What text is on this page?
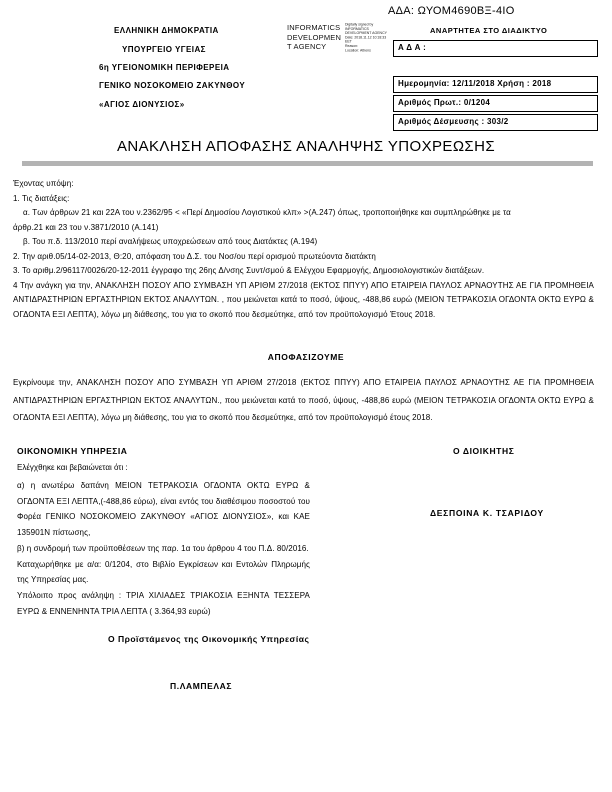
ΑΔΑ: ΩΥΟΜ4690ΒΞ-4ΙΟ
ΕΛΛΗΝΙΚΗ ΔΗΜΟΚΡΑΤΙΑ
ΥΠΟΥΡΓΕΙΟ ΥΓΕΙΑΣ
6η ΥΓΕΙΟΝΟΜΙΚΗ ΠΕΡΙΦΕΡΕΙΑ
ΓΕΝΙΚΟ ΝΟΣΟΚΟΜΕΙΟ ΖΑΚΥΝΘΟΥ
«ΑΓΙΟΣ ΔΙΟΝΥΣΙΟΣ»
INFORMATICS
DEVELOPMEN
T AGENCY
Digitally signed by
INFORMATICS
DEVELOPMENT AGENCY
Date: 2018.11.12 10:18:33
EET
Reason:
Location: Athens
ΑΝΑΡΤΗΤΕΑ ΣΤΟ ΔΙΑΔΙΚΤΥΟ
Α Δ Α :
Ημερομηνία: 12/11/2018 Χρήση : 2018
Αριθμός Πρωτ.: 0/1204
Αριθμός Δέσμευσης : 303/2
ΑΝΑΚΛΗΣΗ ΑΠΟΦΑΣΗΣ ΑΝΑΛΗΨΗΣ ΥΠΟΧΡΕΩΣΗΣ
Έχοντας υπόψη:
1. Τις διατάξεις:
α. Των άρθρων 21 και 22Α του ν.2362/95 < «Περί Δημοσίου Λογιστικού κλπ» >(Α.247) όπως, τροποποιήθηκε και συμπληρώθηκε με τα
άρθρ.21 και 23 του ν.3871/2010 (Α.141)
β. Του π.δ. 113/2010 περί αναλήψεως υποχρεώσεων από τους Διατάκτες (Α.194)
2. Την αριθ.05/14-02-2013, Θ:20, απόφαση του Δ.Σ. του Νοσ/ου περί ορισμού πρωτεύοντα διατάκτη
3. Το αριθμ.2/96117/0026/20-12-2011 έγγραφο της 26ης Δ/νσης Συντ/σμού & Ελέγχου Εφαρμογής, Δημοσιολογιστικών διατάξεων.
4 Την ανάγκη για την, ΑΝΑΚΛΗΣΗ ΠΟΣΟΥ ΑΠΟ ΣΥΜΒΑΣΗ ΥΠ ΑΡΙΘΜ 27/2018 (ΕΚΤΟΣ ΠΠΥΥ) ΑΠΟ ΕΤΑΙΡΕΙΑ ΠΑΥΛΟΣ ΑΡΝΑΟΥΤΗΣ ΑΕ ΓΙΑ ΠΡΟΜΗΘΕΙΑ ΑΝΤΙΔΡΑΣΤΗΡΙΩΝ ΕΡΓΑΣΤΗΡΙΩΝ ΕΚΤΟΣ ΑΝΑΛΥΤΩΝ. , που μειώνεται κατά το ποσό, ύψους, -488,86 ευρώ (ΜΕΙΟΝ ΤΕΤΡΑΚΟΣΙΑ ΟΓΔΟΝΤΑ ΟΚΤΩ ΕΥΡΩ & ΟΓΔΟΝΤΑ ΕΞΙ ΛΕΠΤΑ), λόγω μη διάθεσης, του για το σκοπό που δεσμεύτηκε, από τον προϋπολογισμό Έτους 2018.
ΑΠΟΦΑΣΙΖΟΥΜΕ
Εγκρίνουμε την, ΑΝΑΚΛΗΣΗ ΠΟΣΟΥ ΑΠΟ ΣΥΜΒΑΣΗ ΥΠ ΑΡΙΘΜ 27/2018 (ΕΚΤΟΣ ΠΠΥΥ) ΑΠΟ ΕΤΑΙΡΕΙΑ ΠΑΥΛΟΣ ΑΡΝΑΟΥΤΗΣ ΑΕ ΓΙΑ ΠΡΟΜΗΘΕΙΑ ΑΝΤΙΔΡΑΣΤΗΡΙΩΝ ΕΡΓΑΣΤΗΡΙΩΝ ΕΚΤΟΣ ΑΝΑΛΥΤΩΝ., που μειώνεται κατά το ποσό, ύψους, -488,86 ευρώ (ΜΕΙΟΝ ΤΕΤΡΑΚΟΣΙΑ ΟΓΔΟΝΤΑ ΟΚΤΩ ΕΥΡΩ & ΟΓΔΟΝΤΑ ΕΞΙ ΛΕΠΤΑ), λόγω μη διάθεσης, του για το σκοπό που δεσμεύτηκε, από τον προϋπολογισμό έτους 2018.
ΟΙΚΟΝΟΜΙΚΗ ΥΠΗΡΕΣΙΑ	Ο ΔΙΟΙΚΗΤΗΣ
Ελέγχθηκε και βεβαιώνεται ότι :

α) η ανωτέρω δαπάνη ΜΕΙΟΝ ΤΕΤΡΑΚΟΣΙΑ ΟΓΔΟΝΤΑ ΟΚΤΩ ΕΥΡΩ & ΟΓΔΟΝΤΑ ΕΞΙ ΛΕΠΤΑ,(-488,86 εύρω), είναι εντός του διαθέσιμου ποσοστού του Φορέα ΓΕΝΙΚΟ ΝΟΣΟΚΟΜΕΙΟ ΖΑΚΥΝΘΟΥ «ΑΓΙΟΣ ΔΙΟΝΥΣΙΟΣ», και ΚΑΕ 135901Ν πίστωσης,

β) η συνδρομή των προϋποθέσεων της παρ. 1α του άρθρου 4 του Π.Δ. 80/2016.

Καταχωρήθηκε με α/α: 0/1204, στο Βιβλίο Εγκρίσεων και Εντολών Πληρωμής της Υπηρεσίας μας.

Υπόλοιπο προς ανάληψη : ΤΡΙΑ ΧΙΛΙΑΔΕΣ ΤΡΙΑΚΟΣΙΑ ΕΞΗΝΤΑ ΤΕΣΣΕΡΑ ΕΥΡΩ & ΕΝΝΕΝΗΝΤΑ ΤΡΙΑ ΛΕΠΤΑ ( 3.364,93 ευρώ)

ΔΕΣΠΟΙΝΑ Κ. ΤΣΑΡΙΔΟΥ
Ο Προϊστάμενος της Οικονομικής Υπηρεσίας
Π.ΛΑΜΠΕΛΑΣ
